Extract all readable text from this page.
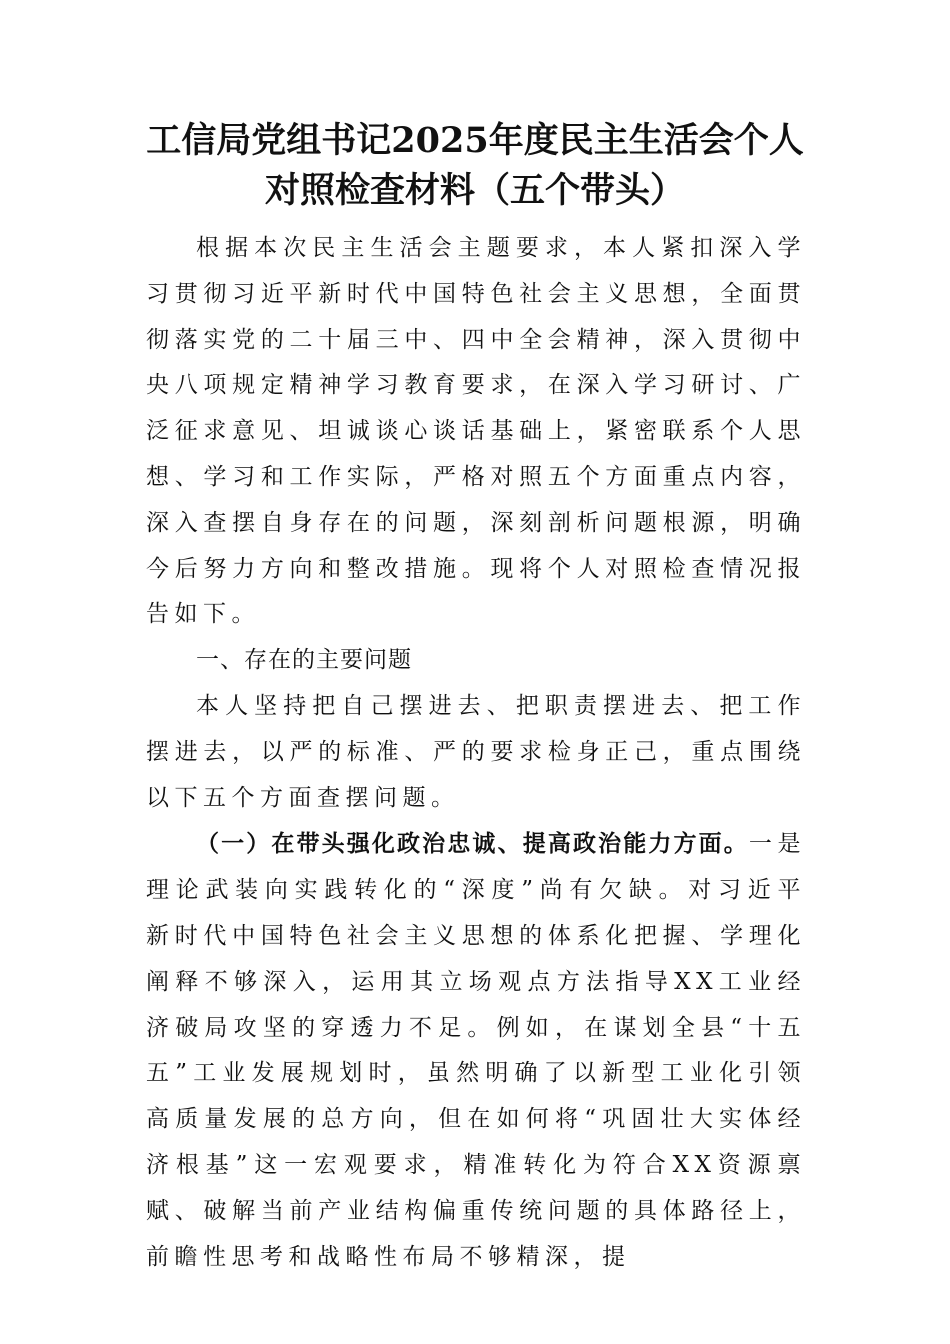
工信局党组书记2025年度民主生活会个人
对照检查材料（五个带头）

根据本次民主生活会主题要求，本人紧扣深入学习贯彻习近平新时代中国特色社会主义思想，全面贯彻落实党的二十届三中、四中全会精神，深入贯彻中央八项规定精神学习教育要求，在深入学习研讨、广泛征求意见、坦诚谈心谈话基础上，紧密联系个人思想、学习和工作实际，严格对照五个方面重点内容，深入查摆自身存在的问题，深刻剖析问题根源，明确今后努力方向和整改措施。现将个人对照检查情况报告如下。

一、存在的主要问题

本人坚持把自己摆进去、把职责摆进去、把工作摆进去，以严的标准、严的要求检身正己，重点围绕以下五个方面查摆问题。

（一）在带头强化政治忠诚、提高政治能力方面。一是理论武装向实践转化的“深度”尚有欠缺。对习近平新时代中国特色社会主义思想的体系化把握、学理化阐释不够深入，运用其立场观点方法指导XX工业经济破局攻坚的穿透力不足。例如，在谋划全县“十五五”工业发展规划时，虽然明确了以新型工业化引领高质量发展的总方向，但在如何将“巩固壮大实体经济根基”这一宏观要求，精准转化为符合XX资源禀赋、破解当前产业结构偏重传统问题的具体路径上，前瞻性思考和战略性布局不够精深，提
